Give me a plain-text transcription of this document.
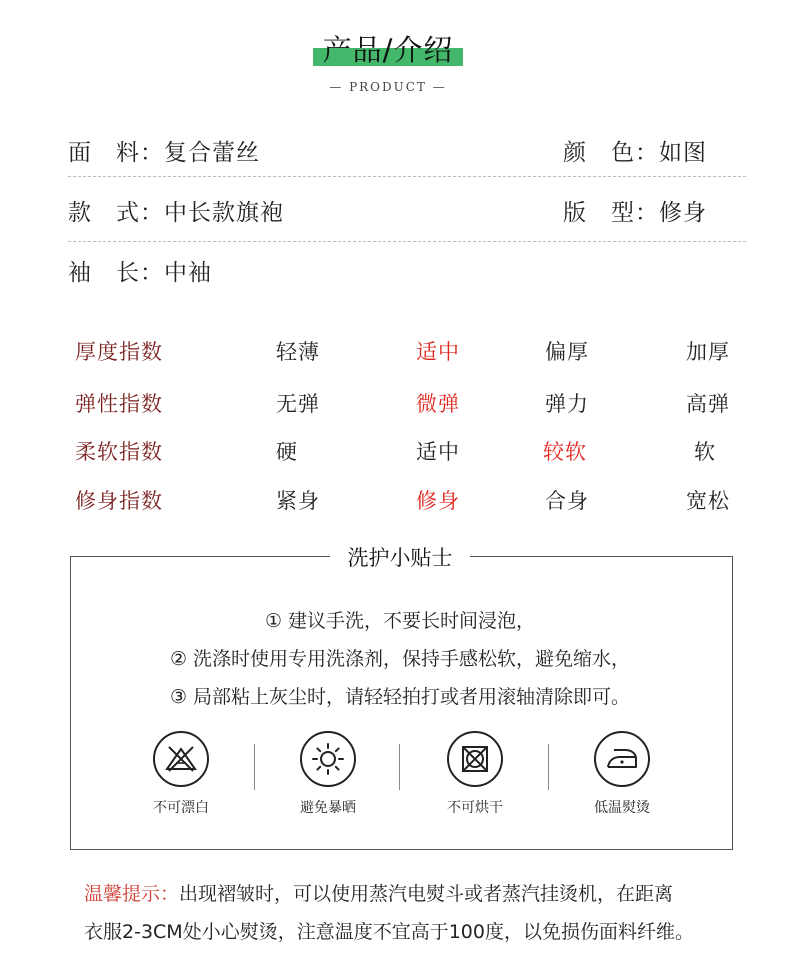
产品/介绍
— PRODUCT —
面　料：复合蕾丝	颜　色：如图
款　式：中长款旗袍	版　型：修身
袖　长：中袖
厚度指数	轻薄	适中	偏厚	加厚
弹性指数	无弹	微弹	弹力	高弹
柔软指数	硬	适中	较软	软
修身指数	紧身	修身	合身	宽松
洗护小贴士
① 建议手洗，不要长时间浸泡，
② 洗涤时使用专用洗涤剂，保持手感松软，避免缩水，
③ 局部粘上灰尘时，请轻轻拍打或者用滚轴清除即可。
不可漂白	避免暴晒	不可烘干	低温熨烫
温馨提示：出现褶皱时，可以使用蒸汽电熨斗或者蒸汽挂烫机，在距离
衣服2-3CM处小心熨烫，注意温度不宜高于100度，以免损伤面料纤维。
